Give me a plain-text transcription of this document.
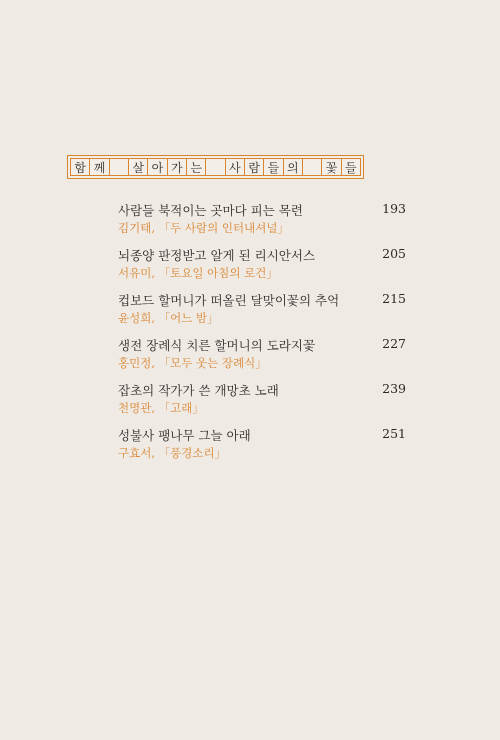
함 께	살 아 가 는	사 람 들 의	꽃 들
사람들 북적이는 곳마다 피는 목련	193
김기태, 「두 사람의 인터내셔널」
뇌종양 판정받고 알게 된 리시안서스	205
서유미, 「토요일 아침의 로건」
컵보드 할머니가 떠올린 달맞이꽃의 추억	215
윤성희, 「어느 밤」
생전 장례식 치른 할머니의 도라지꽃	227
홍민정, 「모두 웃는 장례식」
잡초의 작가가 쓴 개망초 노래	239
천명관, 「고래」
성불사 팽나무 그늘 아래	251
구효서, 「풍경소리」
